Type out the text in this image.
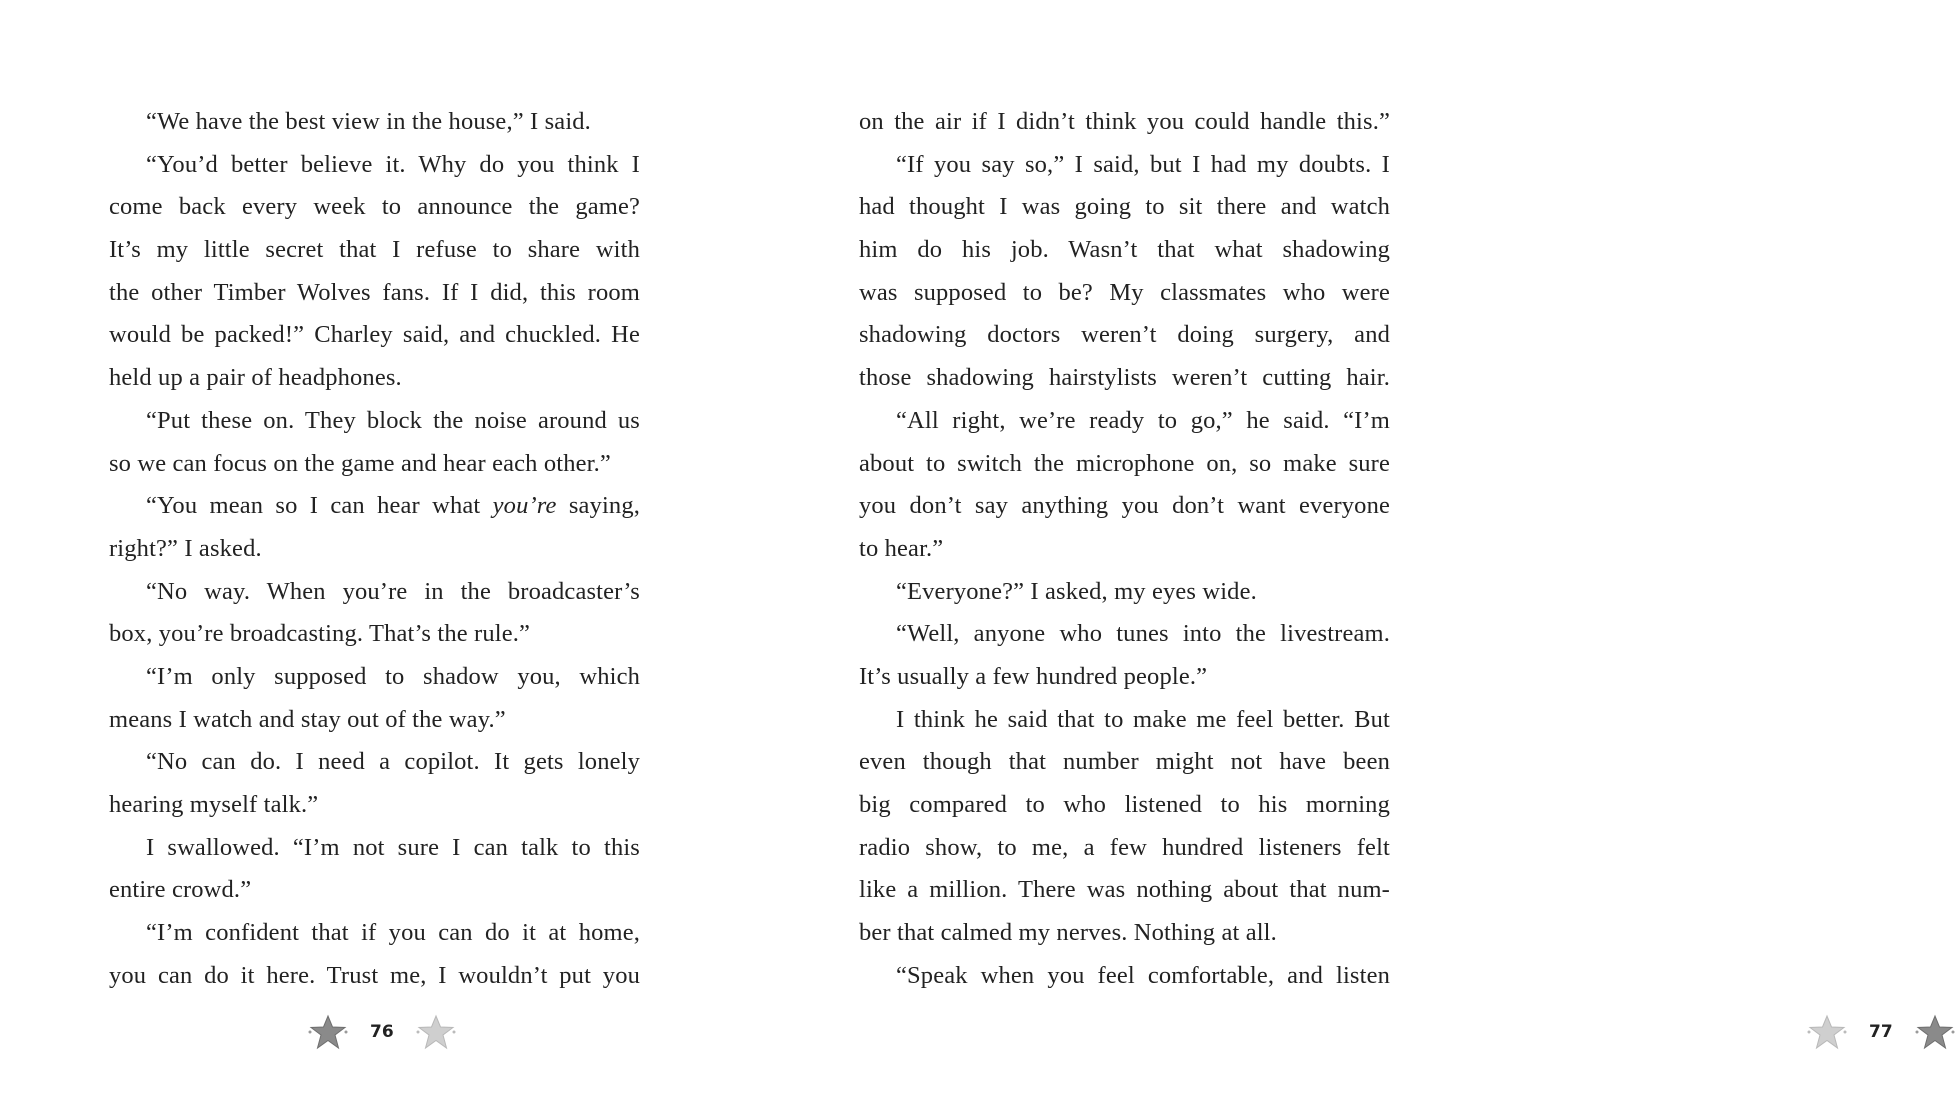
“We have the best view in the house,” I said.
“You’d better believe it. Why do you think I
come back every week to announce the game?
It’s my little secret that I refuse to share with
the other Timber Wolves fans. If I did, this room
would be packed!” Charley said, and chuckled. He
held up a pair of headphones.
“Put these on. They block the noise around us
so we can focus on the game and hear each other.”
“You mean so I can hear what you’re saying,
right?” I asked.
“No way. When you’re in the broadcaster’s
box, you’re broadcasting. That’s the rule.”
“I’m only supposed to shadow you, which
means I watch and stay out of the way.”
“No can do. I need a copilot. It gets lonely
hearing myself talk.”
I swallowed. “I’m not sure I can talk to this
entire crowd.”
“I’m confident that if you can do it at home,
you can do it here. Trust me, I wouldn’t put you
76
on the air if I didn’t think you could handle this.”
“If you say so,” I said, but I had my doubts. I
had thought I was going to sit there and watch
him do his job. Wasn’t that what shadowing
was supposed to be? My classmates who were
shadowing doctors weren’t doing surgery, and
those shadowing hairstylists weren’t cutting hair.
“All right, we’re ready to go,” he said. “I’m
about to switch the microphone on, so make sure
you don’t say anything you don’t want everyone
to hear.”
“Everyone?” I asked, my eyes wide.
“Well, anyone who tunes into the livestream.
It’s usually a few hundred people.”
I think he said that to make me feel better. But
even though that number might not have been
big compared to who listened to his morning
radio show, to me, a few hundred listeners felt
like a million. There was nothing about that num-
ber that calmed my nerves. Nothing at all.
“Speak when you feel comfortable, and listen
77
